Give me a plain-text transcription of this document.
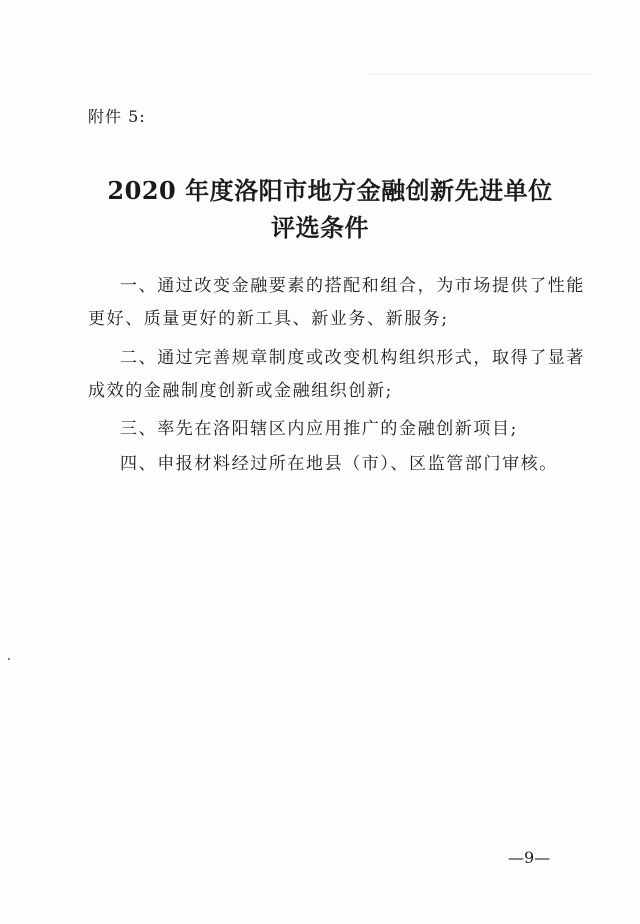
附件 5:
2020 年度洛阳市地方金融创新先进单位
评选条件
一、通过改变金融要素的搭配和组合，为市场提供了性能
更好、质量更好的新工具、新业务、新服务;
二、通过完善规章制度或改变机构组织形式，取得了显著
成效的金融制度创新或金融组织创新;
三、率先在洛阳辖区内应用推广的金融创新项目;
四、申报材料经过所在地县（市）、区监管部门审核。
—9—
